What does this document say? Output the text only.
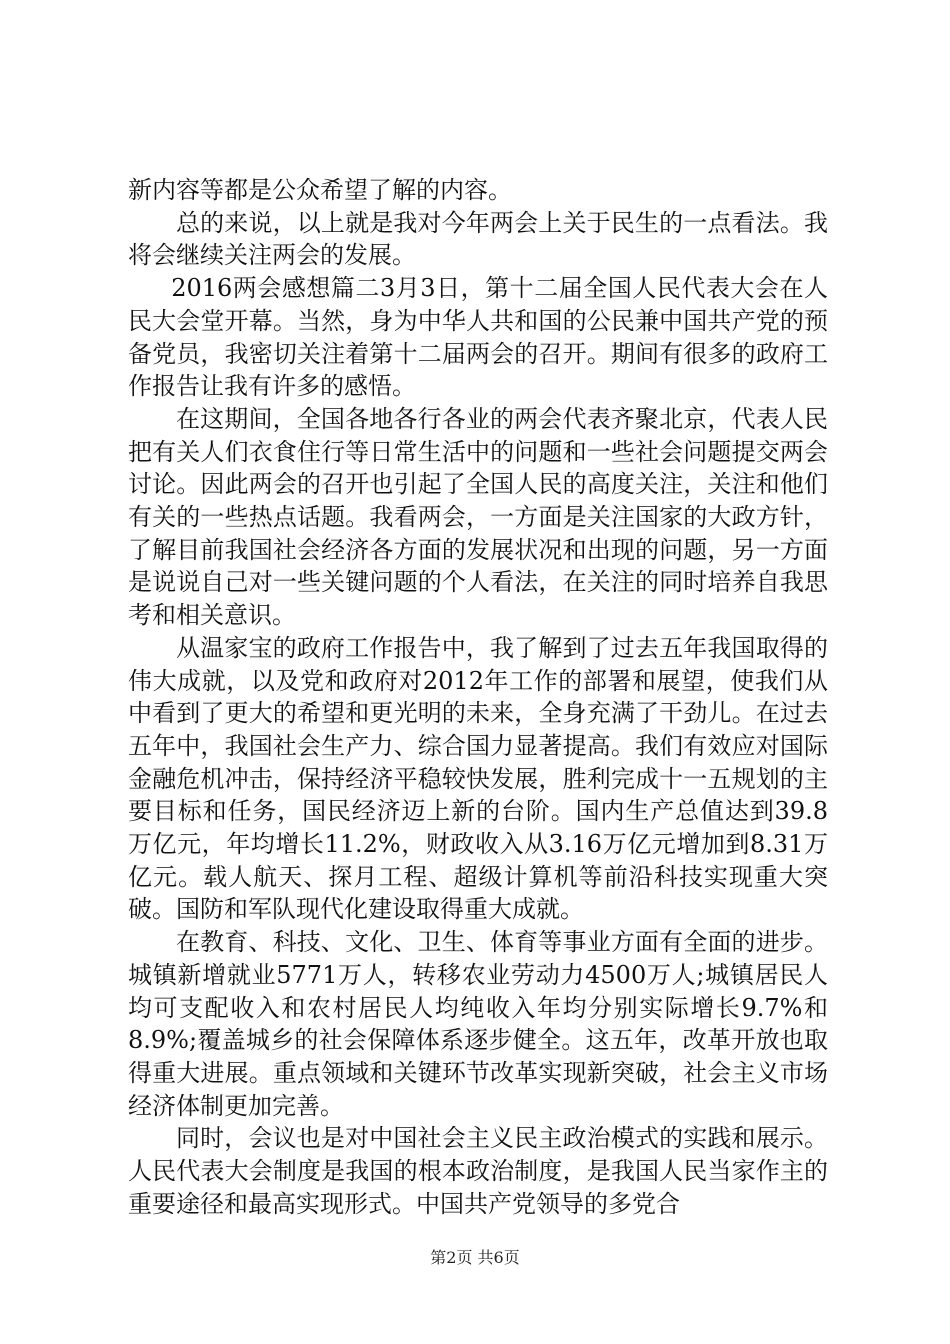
新内容等都是公众希望了解的内容。

总的来说，以上就是我对今年两会上关于民生的一点看法。我将会继续关注两会的发展。

2016两会感想篇二3月3日，第十二届全国人民代表大会在人民大会堂开幕。当然，身为中华人共和国的公民兼中国共产党的预备党员，我密切关注着第十二届两会的召开。期间有很多的政府工作报告让我有许多的感悟。

在这期间，全国各地各行各业的两会代表齐聚北京，代表人民把有关人们衣食住行等日常生活中的问题和一些社会问题提交两会讨论。因此两会的召开也引起了全国人民的高度关注，关注和他们有关的一些热点话题。我看两会，一方面是关注国家的大政方针，了解目前我国社会经济各方面的发展状况和出现的问题，另一方面是说说自己对一些关键问题的个人看法，在关注的同时培养自我思考和相关意识。

从温家宝的政府工作报告中，我了解到了过去五年我国取得的伟大成就，以及党和政府对2012年工作的部署和展望，使我们从中看到了更大的希望和更光明的未来，全身充满了干劲儿。在过去五年中，我国社会生产力、综合国力显著提高。我们有效应对国际金融危机冲击，保持经济平稳较快发展，胜利完成十一五规划的主要目标和任务，国民经济迈上新的台阶。国内生产总值达到39.8万亿元，年均增长11.2%，财政收入从3.16万亿元增加到8.31万亿元。载人航天、探月工程、超级计算机等前沿科技实现重大突破。国防和军队现代化建设取得重大成就。

在教育、科技、文化、卫生、体育等事业方面有全面的进步。城镇新增就业5771万人，转移农业劳动力4500万人;城镇居民人均可支配收入和农村居民人均纯收入年均分别实际增长9.7%和8.9%;覆盖城乡的社会保障体系逐步健全。这五年，改革开放也取得重大进展。重点领域和关键环节改革实现新突破，社会主义市场经济体制更加完善。

同时，会议也是对中国社会主义民主政治模式的实践和展示。人民代表大会制度是我国的根本政治制度，是我国人民当家作主的重要途径和最高实现形式。中国共产党领导的多党合

第2页 共6页
